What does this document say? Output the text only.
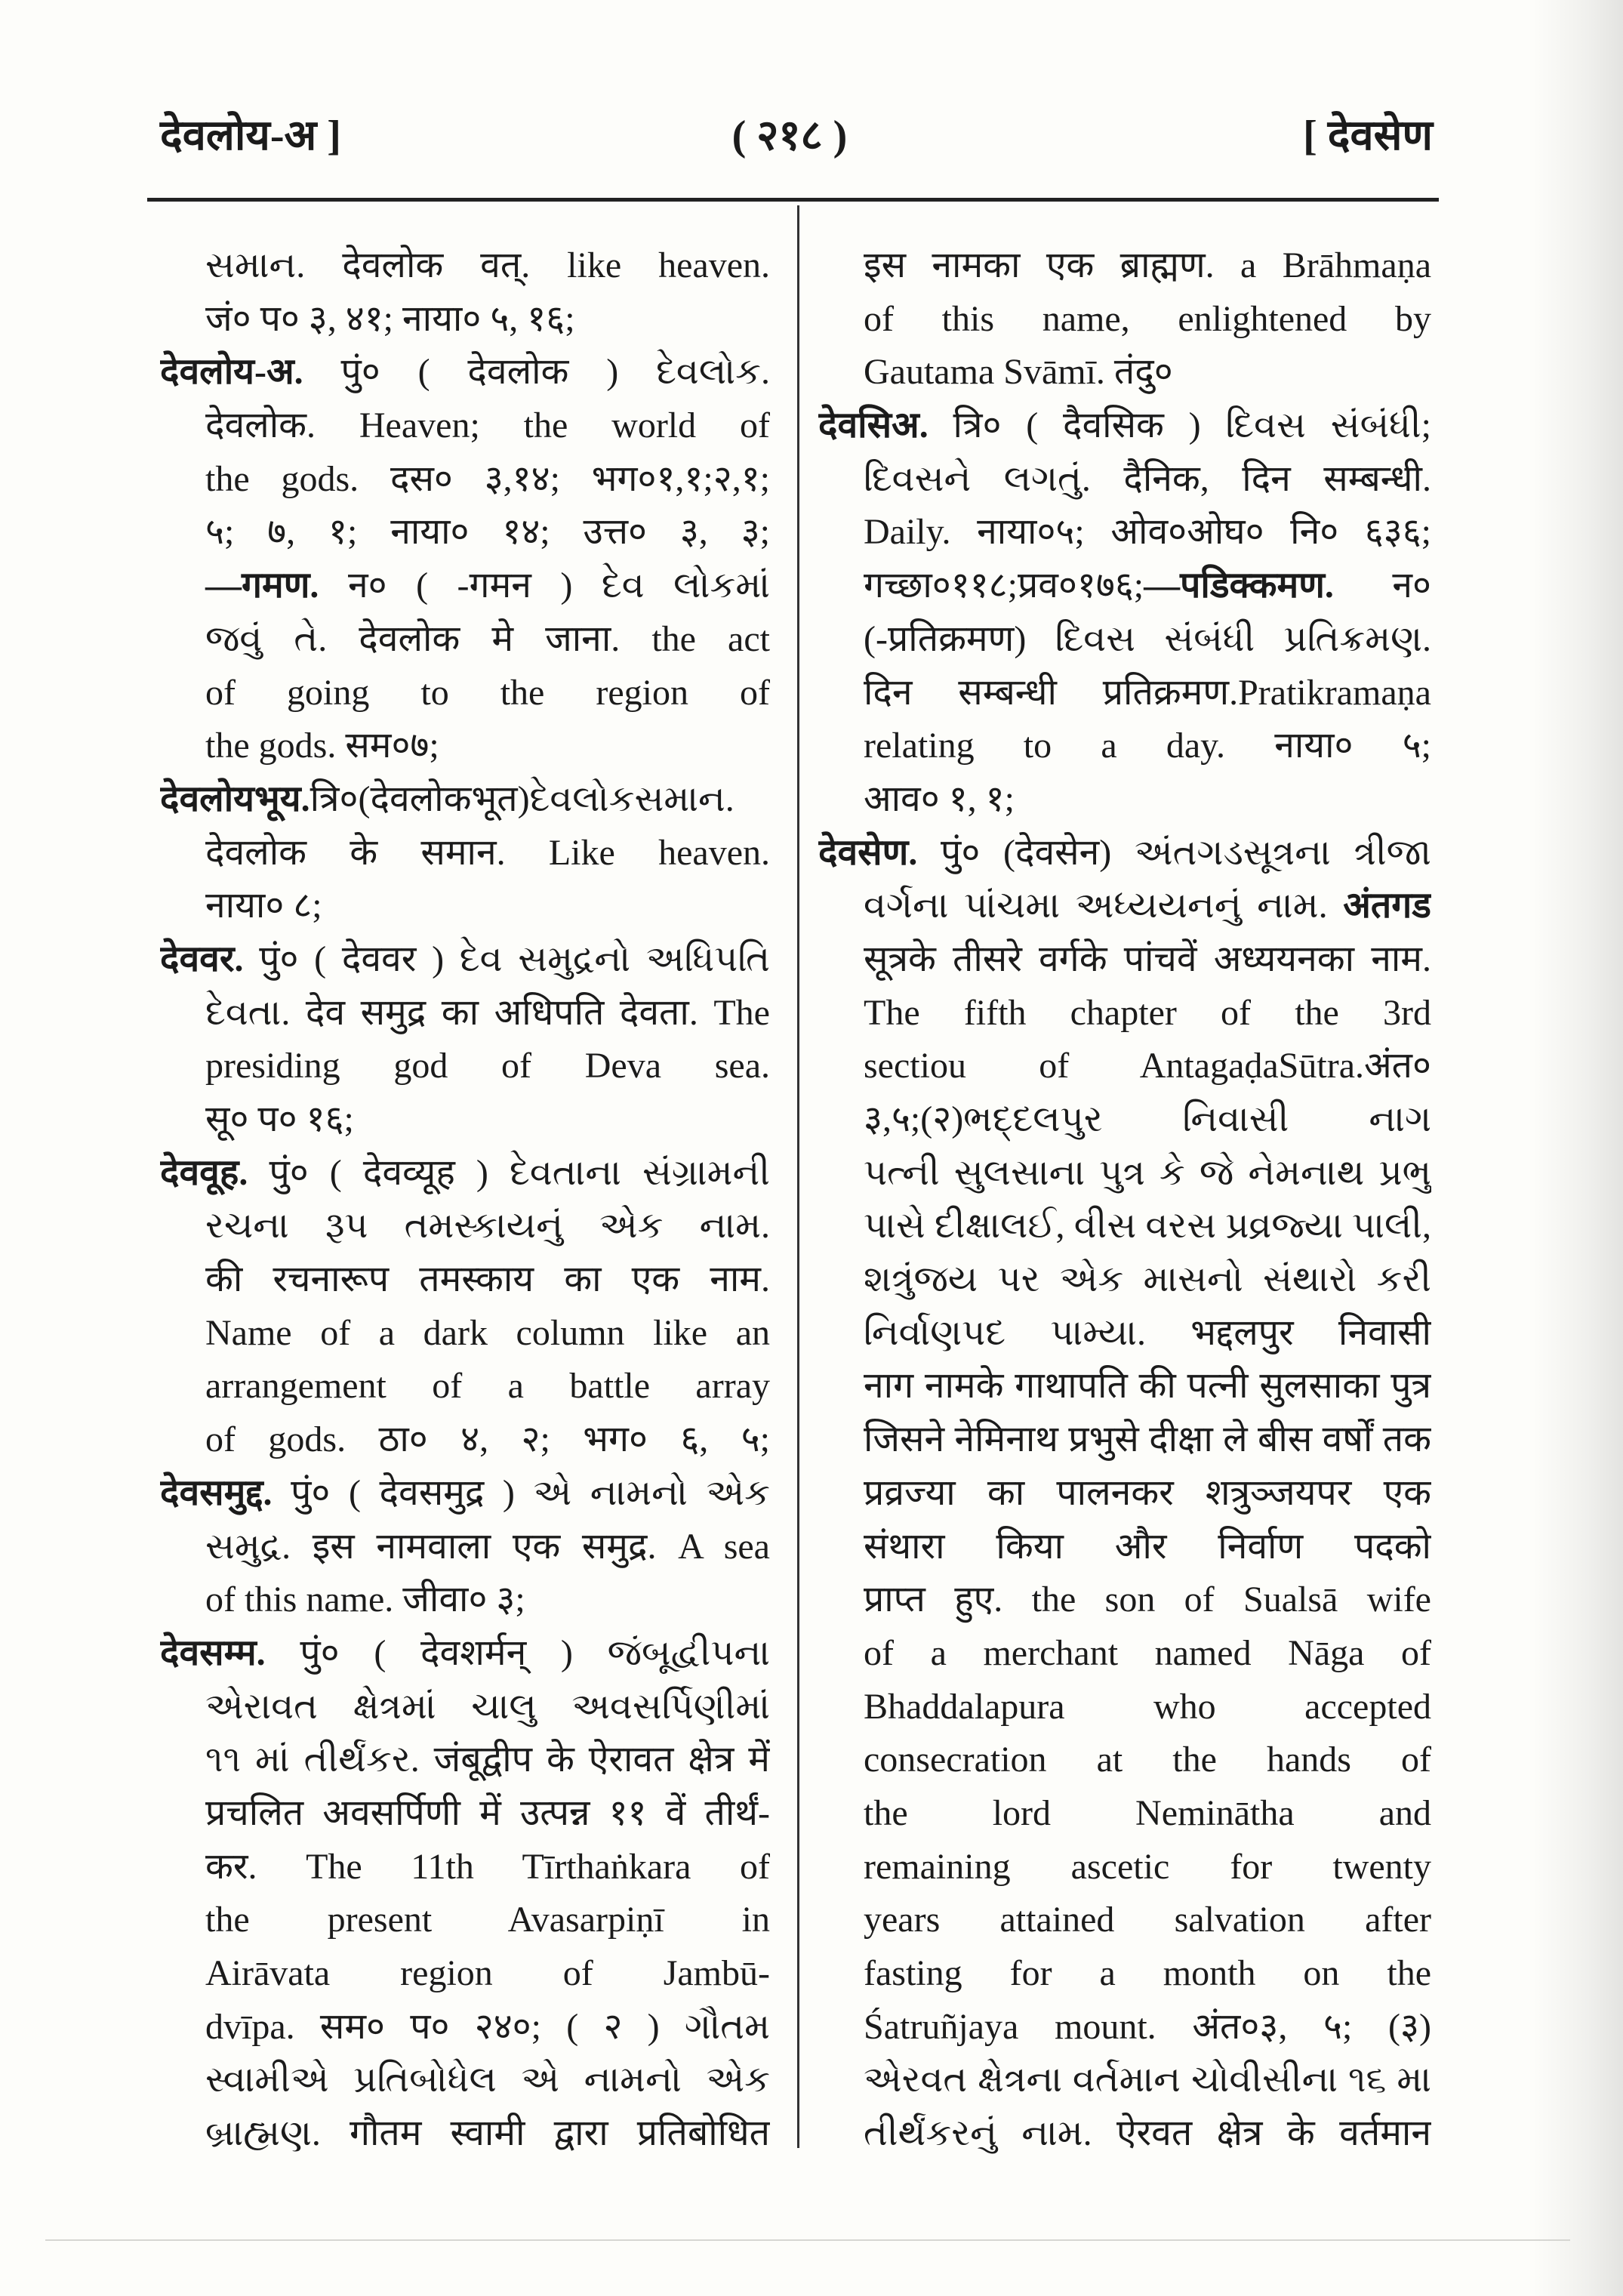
देवलोय-अ ]	( २१८ )	[ देवसेण
સમાન. देवलोक वत्. like heaven.
जं० प० ३, ४१; नाया० ५, १६;
देवलोय-अ. पुं० ( देवलोक ) દેવલોક.
देवलोक. Heaven; the world of
the gods. दस० ३,१४; भग०१,१;२,१;
५; ७, १; नाया० १४; उत्त० ३, ३;
—गमण. न० ( -गमन ) દેવ લોકમાં
જવું તે. देवलोक मे जाना. the act
of going to the region of
the gods. सम०७;
देवलोयभूय.त्रि०(देवलोकभूत)દેવલોકસમાન.
देवलोक के समान. Like heaven.
नाया० ८;
देववर. पुं० ( देववर ) દેવ સમુદ્રનો અધિપતિ
દેવતા. देव समुद्र का अधिपति देवता. The
presiding god of Deva sea.
सू० प० १६;
देववूह. पुं० ( देवव्यूह ) દેવતાના સંગ્રામની
રચના રૂપ તમસ્કાયનું એક નામ.
की रचनारूप तमस्काय का एक नाम.
Name of a dark column like an
arrangement of a battle array
of gods. ठा० ४, २; भग० ६, ५;
देवसमुद्द. पुं० ( देवसमुद्र ) એ નામનો એક
સમુદ્ર. इस नामवाला एक समुद्र. A sea
of this name. जीवा० ३;
देवसम्म. पुं० ( देवशर्मन् ) જંબૂદ્વીપના
એરાવત ક્ષેત્રમાં ચાલુ અવસર્પિણીમાં
૧૧ માં તીર્થંકર. जंबूद्वीप के ऐरावत क्षेत्र में
प्रचलित अवसर्पिणी में उत्पन्न ११ वें तीर्थं-
कर. The 11th Tīrthaṅkara of
the present Avasarpiṇī in
Airāvata region of Jambū-
dvīpa. सम० प० २४०; ( २ ) ગૌતમ
સ્વામીએ પ્રતિબોધેલ એ નામનો એક
બ્રાહ્મણ. गौतम स्वामी द्वारा प्रतिबोधित
इस नामका एक ब्राह्मण. a Brāhmaṇa
of this name, enlightened by
Gautama Svāmī. तंदु०
देवसिअ. त्रि० ( दैवसिक ) દિવસ સંબંધી;
દિવસને લગતું. दैनिक, दिन सम्बन्धी.
Daily. नाया०५; ओव०ओघ० नि० ६३६;
गच्छा०११८;प्रव०१७६;—पडिक्कमण. न०
(-प्रतिक्रमण) દિવસ સંબંધી પ્રતિક્રમણ.
दिन सम्बन्धी प्रतिक्रमण.Pratikramaṇa
relating to a day. नाया० ५;
आव० १, १;
देवसेण. पुं० (देवसेन) અંતગડસૂત્રના ત્રીજા
વર્ગના પાંચમા અધ્યયનનું નામ. अंतगड
सूत्रके तीसरे वर्गके पांचवें अध्ययनका नाम.
The fifth chapter of the 3rd
sectiou of AntagaḍaSūtra.अंत०
३,५;(२)ભદ્દલપુર નિવાસી નાગ
પત્ની સુલસાના પુત્ર કે જે નેમનાથ પ્રભુ
પાસે દીક્ષાલઈ, વીસ વરસ પ્રવ્રજ્યા પાલી,
શત્રુંજય પર એક માસનો સંથારો કરી
નિર્વાણપદ પામ્યા. भद्दलपुर निवासी
नाग नामके गाथापति की पत्नी सुलसाका पुत्र
जिसने नेमिनाथ प्रभुसे दीक्षा ले बीस वर्षों तक
प्रव्रज्या का पालनकर शत्रुञ्जयपर एक
संथारा किया और निर्वाण पदको
प्राप्त हुए. the son of Sualsā wife
of a merchant named Nāga of
Bhaddalapura who accepted
consecration at the hands of
the lord Neminātha and
remaining ascetic for twenty
years attained salvation after
fasting for a month on the
Śatruñjaya mount. अंत०३, ५; (३)
એરવત ક્ષેત્રના વર્તમાન ચોવીસીના ૧૬ મા
તીર્થંકરનું નામ. ऐरवत क्षेत्र के वर्तमान
